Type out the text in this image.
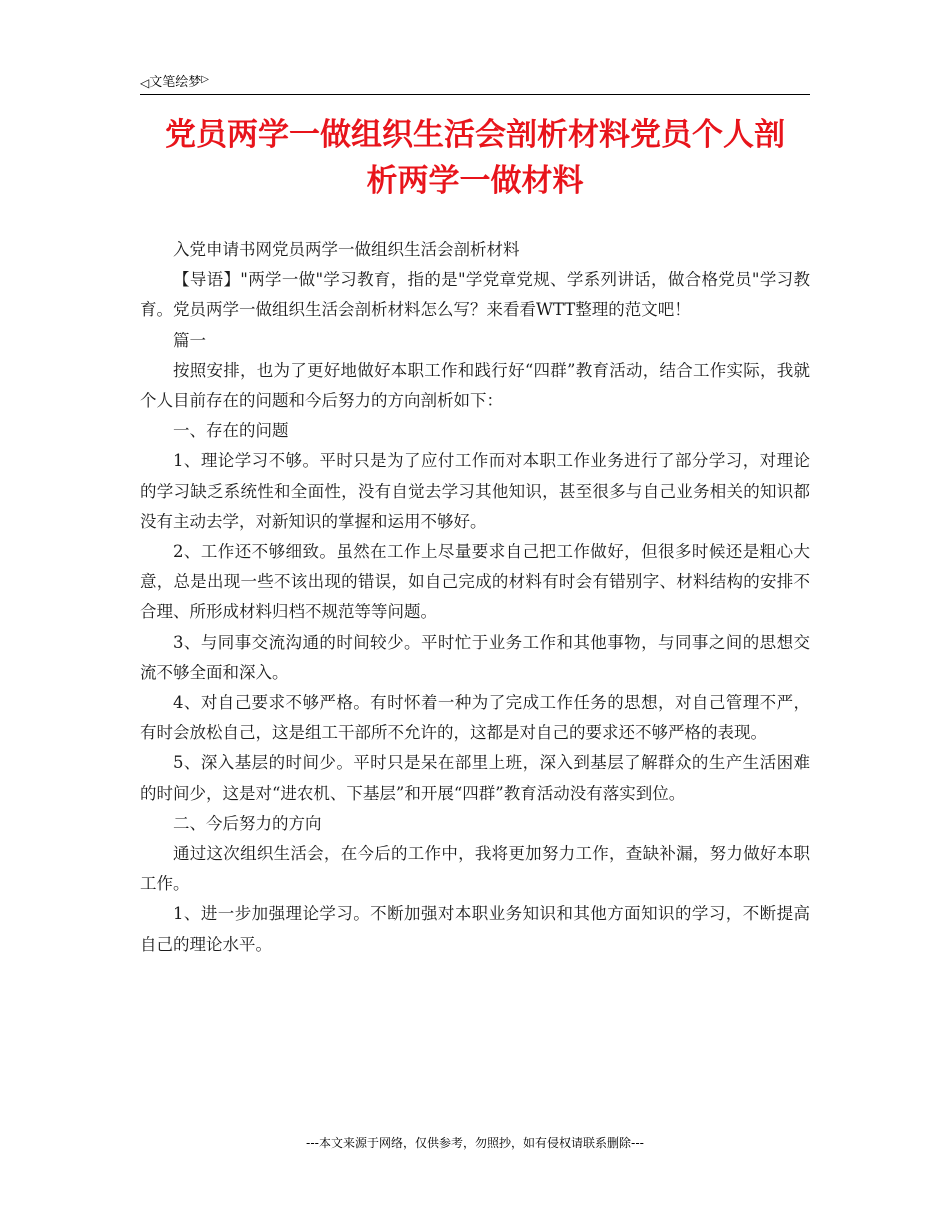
◁ 文笔绘梦 ▷
党员两学一做组织生活会剖析材料党员个人剖
析两学一做材料

入党申请书网党员两学一做组织生活会剖析材料

【导语】"两学一做"学习教育，指的是"学党章党规、学系列讲话，做合格党员"学习教育。党员两学一做组织生活会剖析材料怎么写？来看看WTT整理的范文吧！

篇一

按照安排，也为了更好地做好本职工作和践行好“四群”教育活动，结合工作实际，我就个人目前存在的问题和今后努力的方向剖析如下：

一、存在的问题

1、理论学习不够。平时只是为了应付工作而对本职工作业务进行了部分学习，对理论的学习缺乏系统性和全面性，没有自觉去学习其他知识，甚至很多与自己业务相关的知识都没有主动去学，对新知识的掌握和运用不够好。

2、工作还不够细致。虽然在工作上尽量要求自己把工作做好，但很多时候还是粗心大意，总是出现一些不该出现的错误，如自己完成的材料有时会有错别字、材料结构的安排不合理、所形成材料归档不规范等等问题。

3、与同事交流沟通的时间较少。平时忙于业务工作和其他事物，与同事之间的思想交流不够全面和深入。

4、对自己要求不够严格。有时怀着一种为了完成工作任务的思想，对自己管理不严，有时会放松自己，这是组工干部所不允许的，这都是对自己的要求还不够严格的表现。

5、深入基层的时间少。平时只是呆在部里上班，深入到基层了解群众的生产生活困难的时间少，这是对“进农机、下基层”和开展“四群”教育活动没有落实到位。

二、今后努力的方向

通过这次组织生活会，在今后的工作中，我将更加努力工作，查缺补漏，努力做好本职工作。

1、进一步加强理论学习。不断加强对本职业务知识和其他方面知识的学习，不断提高自己的理论水平。

---本文来源于网络，仅供参考，勿照抄，如有侵权请联系删除---
